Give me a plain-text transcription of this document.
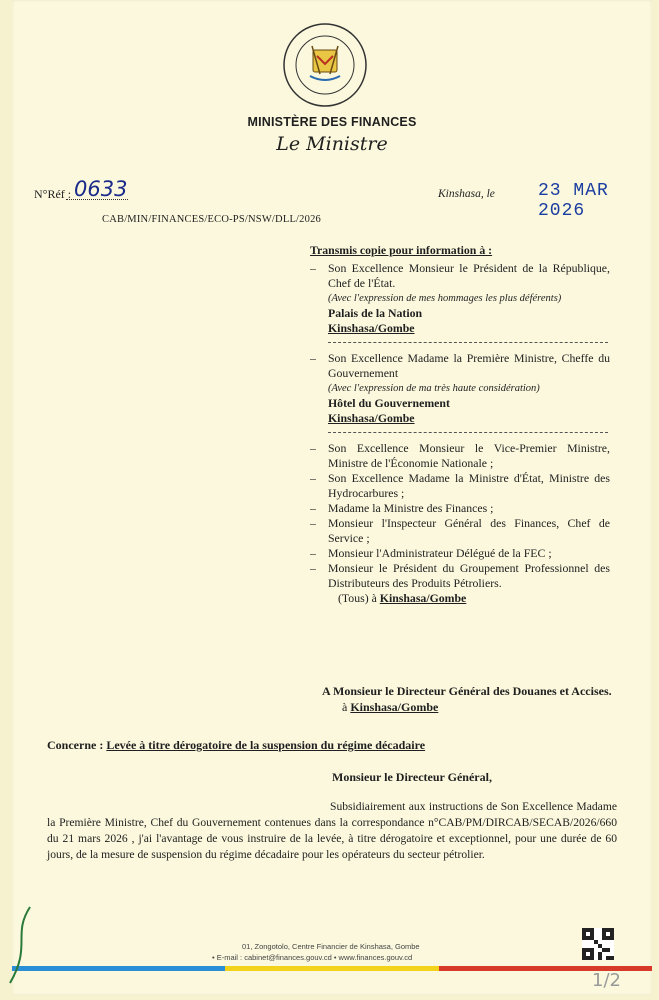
MINISTÈRE DES FINANCES
Le Ministre
N°Réf : 0633
CAB/MIN/FINANCES/ECO-PS/NSW/DLL/2026
Kinshasa, le 23 MAR 2026
Transmis copie pour information à :
– Son Excellence Monsieur le Président de la République, Chef de l'État.
(Avec l'expression de mes hommages les plus déférents)
Palais de la Nation
Kinshasa/Gombe
– Son Excellence Madame la Première Ministre, Cheffe du Gouvernement
(Avec l'expression de ma très haute considération)
Hôtel du Gouvernement
Kinshasa/Gombe
– Son Excellence Monsieur le Vice-Premier Ministre, Ministre de l'Économie Nationale ;
– Son Excellence Madame la Ministre d'État, Ministre des Hydrocarbures ;
– Madame la Ministre des Finances ;
– Monsieur l'Inspecteur Général des Finances, Chef de Service ;
– Monsieur l'Administrateur Délégué de la FEC ;
– Monsieur le Président du Groupement Professionnel des Distributeurs des Produits Pétroliers.
(Tous) à Kinshasa/Gombe
A Monsieur le Directeur Général des Douanes et Accises.
à Kinshasa/Gombe
Concerne : Levée à titre dérogatoire de la suspension du régime décadaire
Monsieur le Directeur Général,
Subsidiairement aux instructions de Son Excellence Madame la Première Ministre, Chef du Gouvernement contenues dans la correspondance n°CAB/PM/DIRCAB/SECAB/2026/660 du 21 mars 2026 , j'ai l'avantage de vous instruire de la levée, à titre dérogatoire et exceptionnel, pour une durée de 60 jours, de la mesure de suspension du régime décadaire pour les opérateurs du secteur pétrolier.
01, Zongotolo, Centre Financier de Kinshasa, Gombe
• E-mail : cabinet@finances.gouv.cd • www.finances.gouv.cd
1/2
